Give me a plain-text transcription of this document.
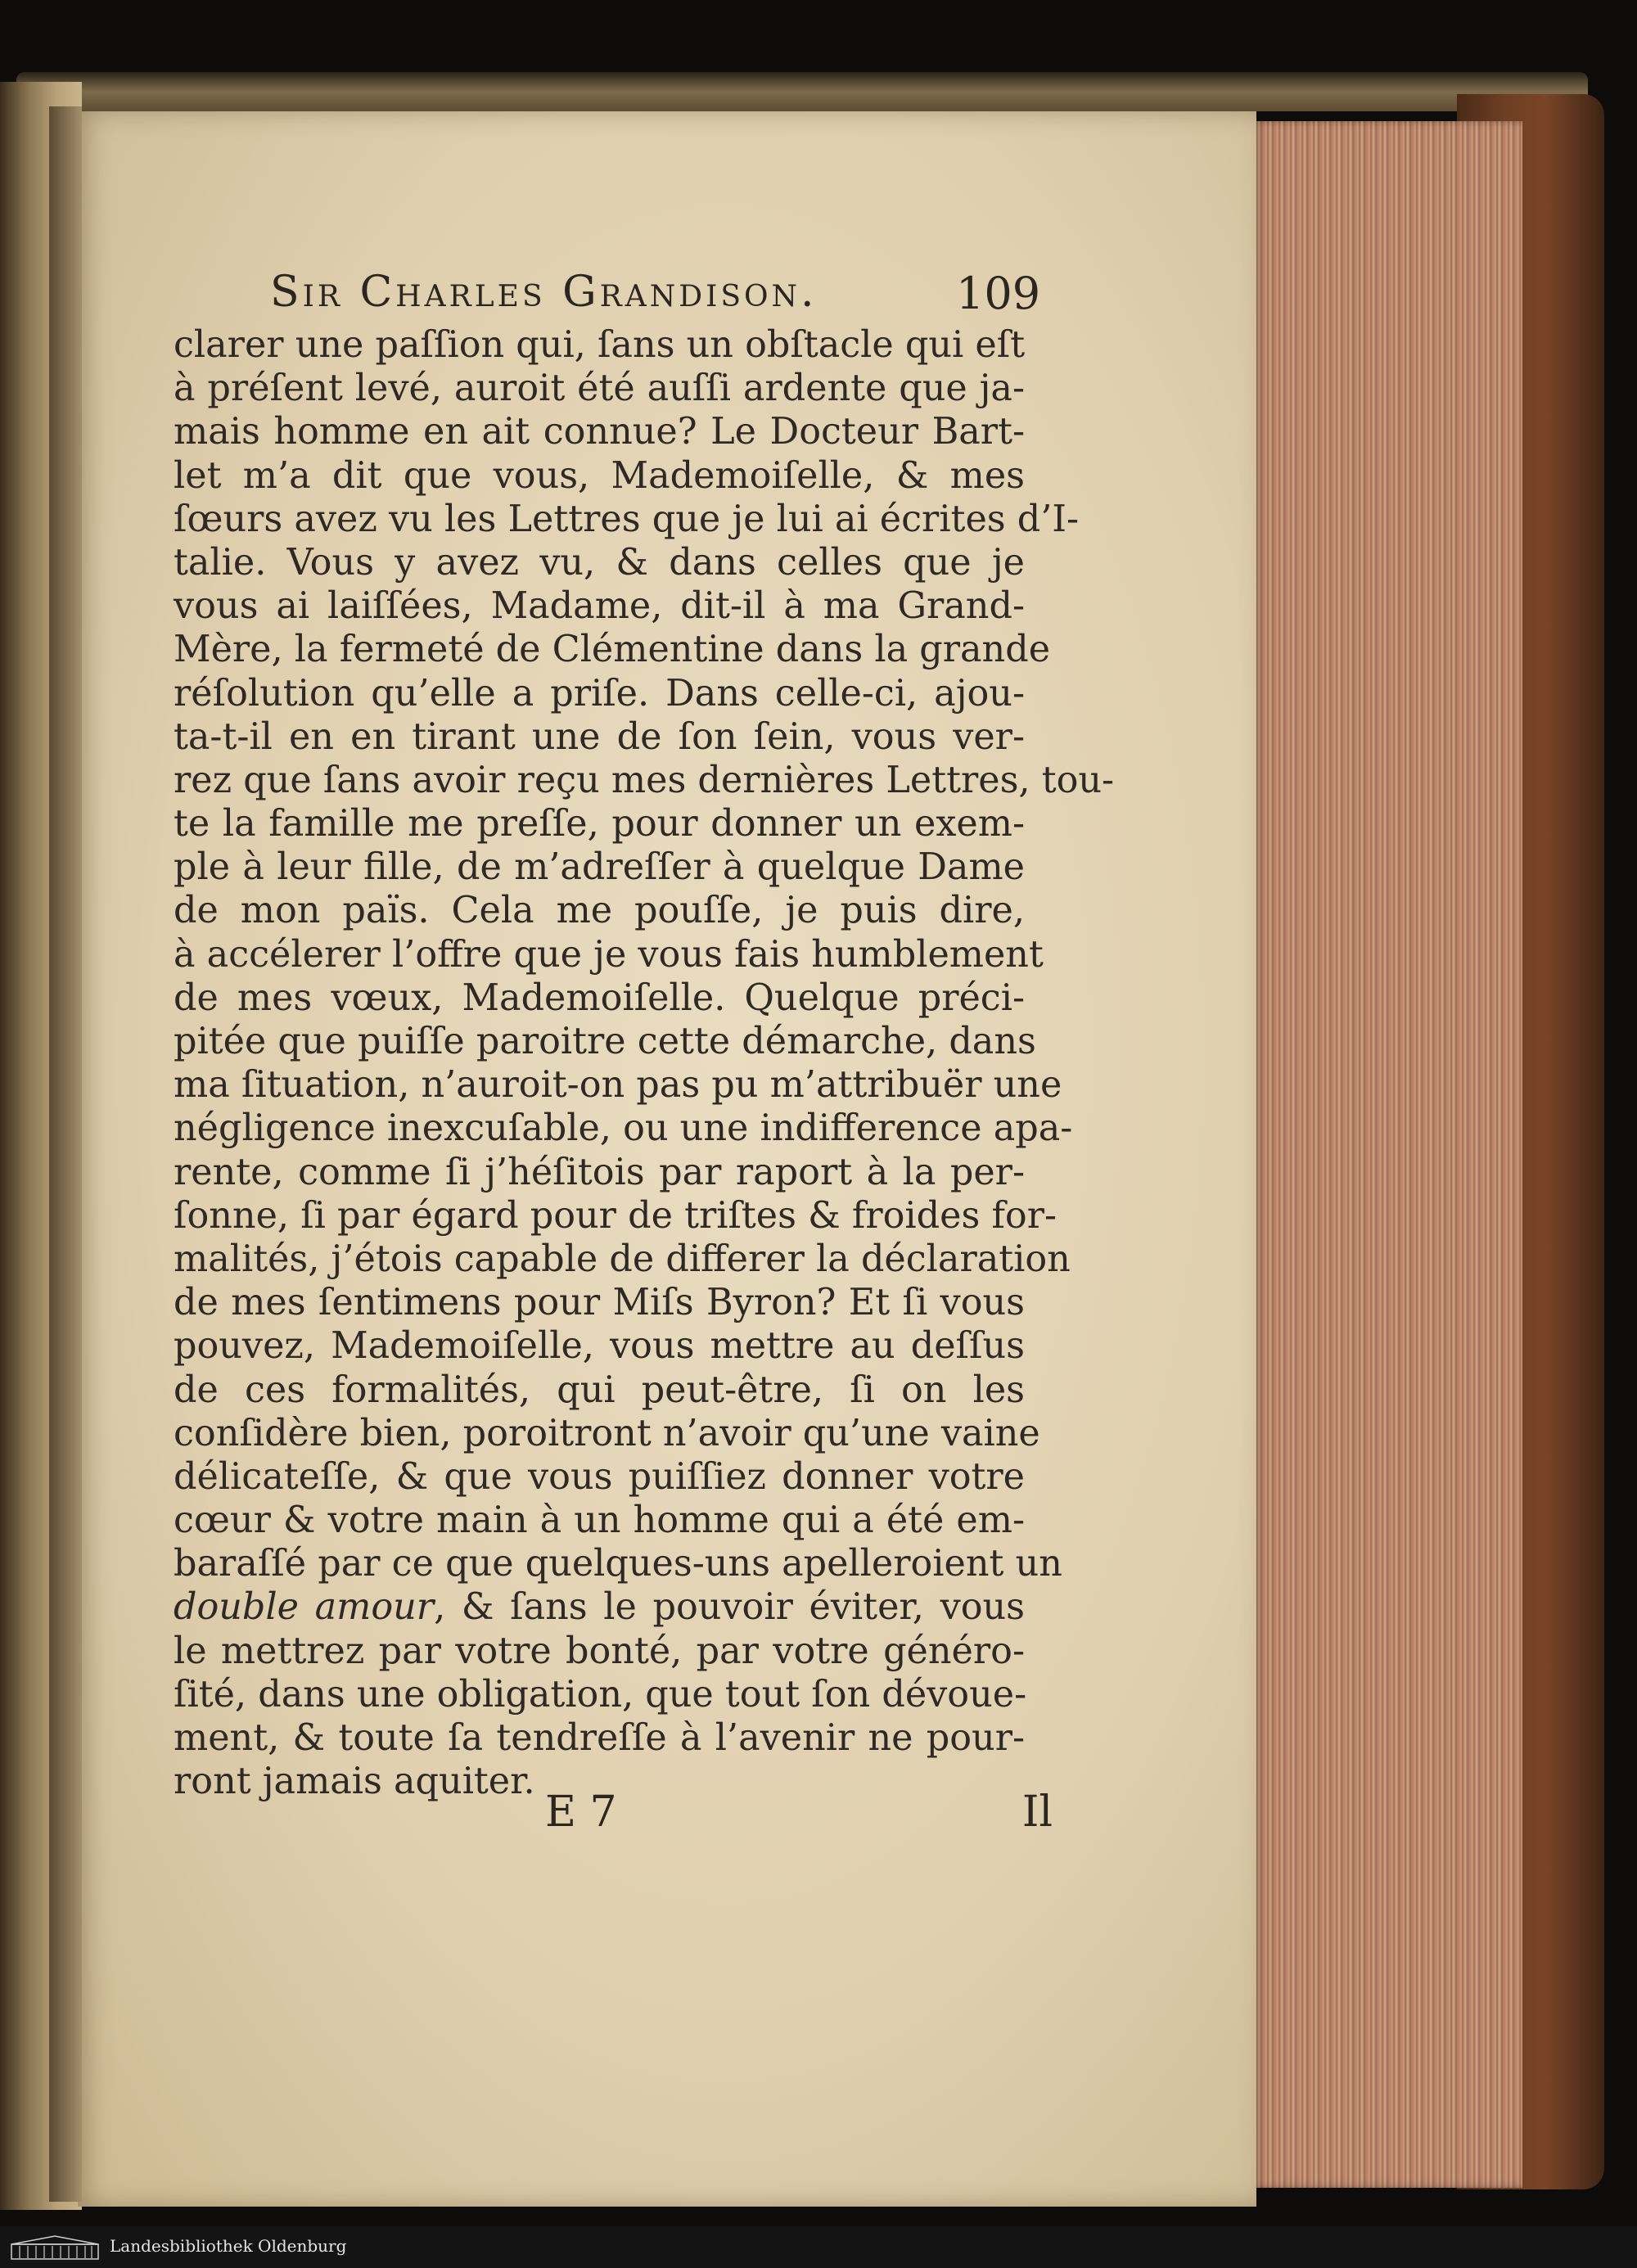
Sir Charles Grandison.	109
clarer une paſſion qui, ſans un obſtacle qui eſt
à préſent levé, auroit été auſſi ardente que ja-
mais homme en ait connue? Le Docteur Bart-
let m’a dit que vous, Mademoiſelle, & mes
ſœurs avez vu les Lettres que je lui ai écrites d’I-
talie. Vous y avez vu, & dans celles que je
vous ai laiſſées, Madame, dit-il à ma Grand-
Mère, la fermeté de Clémentine dans la grande
réſolution qu’elle a priſe. Dans celle-ci, ajou-
ta-t-il en en tirant une de ſon ſein, vous ver-
rez que ſans avoir reçu mes dernières Lettres, tou-
te la famille me preſſe, pour donner un exem-
ple à leur fille, de m’adreſſer à quelque Dame
de mon païs. Cela me pouſſe, je puis dire,
à accélerer l’offre que je vous fais humblement
de mes vœux, Mademoiſelle. Quelque préci-
pitée que puiſſe paroitre cette démarche, dans
ma ſituation, n’auroit-on pas pu m’attribuër une
négligence inexcuſable, ou une indifference apa-
rente, comme ſi j’héſitois par raport à la per-
ſonne, ſi par égard pour de triſtes & froides for-
malités, j’étois capable de differer la déclaration
de mes ſentimens pour Miſs Byron? Et ſi vous
pouvez, Mademoiſelle, vous mettre au deſſus
de ces formalités, qui peut-être, ſi on les
conſidère bien, poroitront n’avoir qu’une vaine
délicateſſe, & que vous puiſſiez donner votre
cœur & votre main à un homme qui a été em-
baraſſé par ce que quelques-uns apelleroient un
double amour, & ſans le pouvoir éviter, vous
le mettrez par votre bonté, par votre généro-
ſité, dans une obligation, que tout ſon dévoue-
ment, & toute ſa tendreſſe à l’avenir ne pour-
ront jamais aquiter.
E 7	Il
Landesbibliothek Oldenburg
